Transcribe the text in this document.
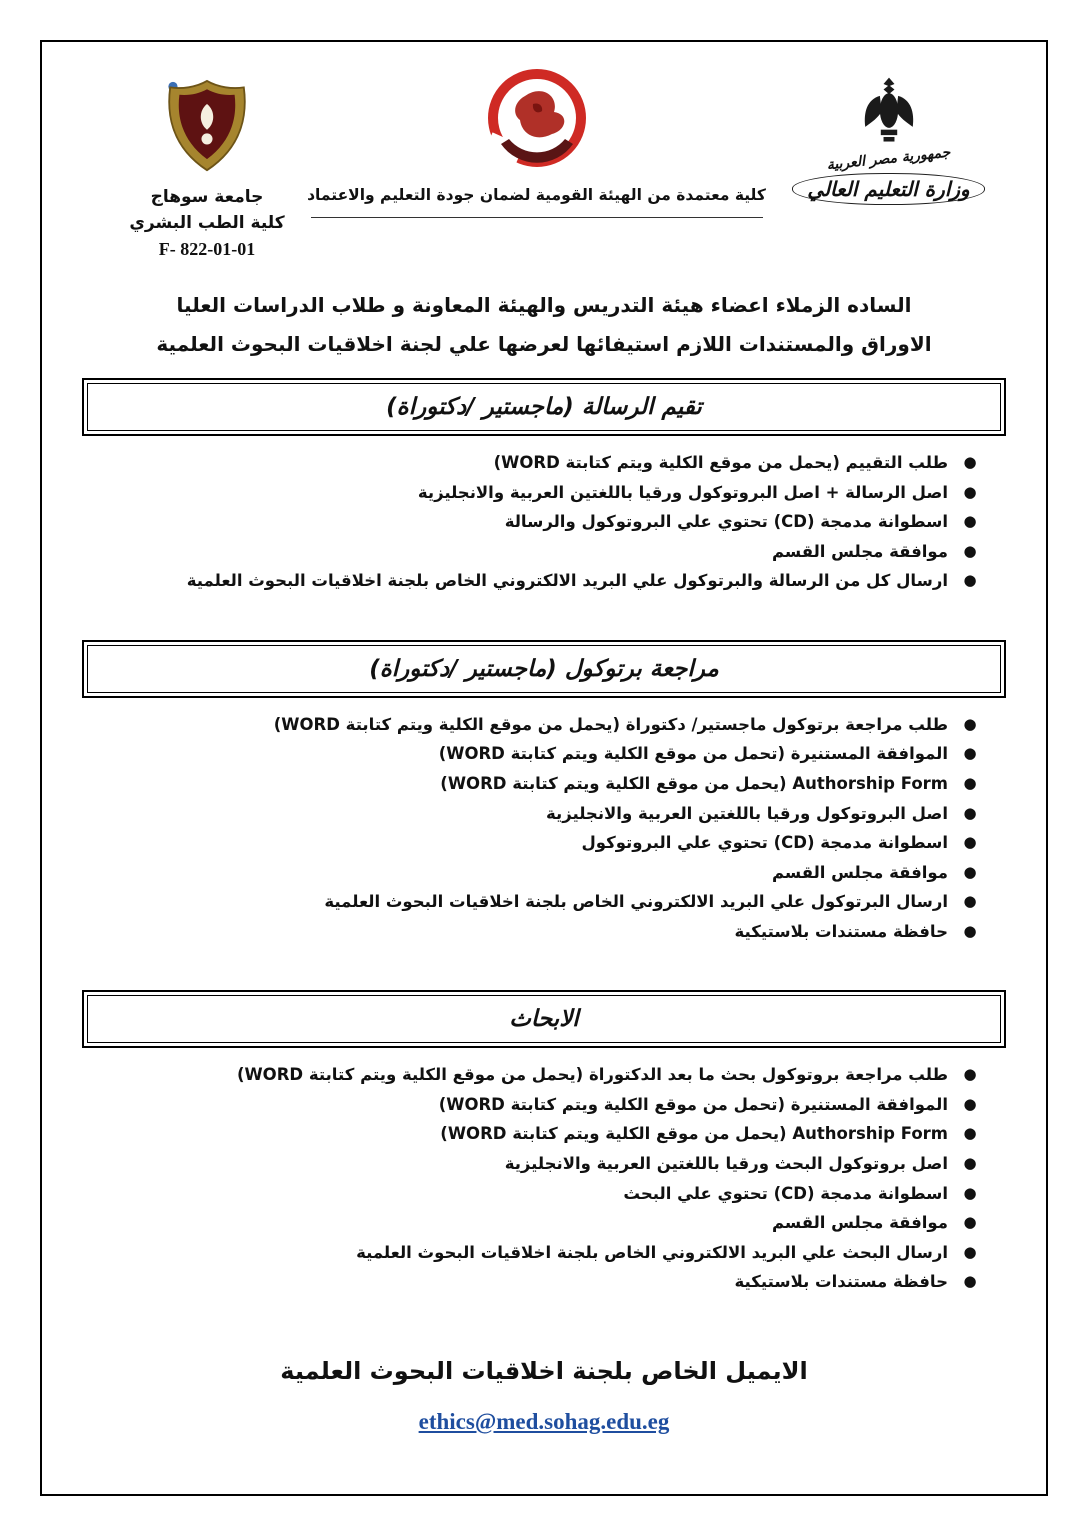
جامعة سوهاج
كلية الطب البشري
F- 822-01-01
كلية معتمدة من الهيئة القومية لضمان جودة التعليم والاعتماد
جمهورية مصر العربية
وزارة التعليم العالي

الساده الزملاء اعضاء هيئة التدريس والهيئة المعاونة و طلاب الدراسات العليا

الاوراق والمستندات اللازم استيفائها لعرضها علي لجنة اخلاقيات البحوث العلمية

تقيم الرسالة (ماجستير /دكتوراة)
●
طلب التقييم (يحمل من موقع الكلية ويتم كتابتة WORD)
●
اصل الرسالة + اصل البروتوكول ورقيا باللغتين العربية والانجليزية
●
اسطوانة مدمجة (CD) تحتوي علي البروتوكول والرسالة
●
موافقة مجلس القسم
●
ارسال كل من الرسالة والبرتوكول علي البريد الالكتروني الخاص بلجنة اخلاقيات البحوث العلمية
مراجعة برتوكول (ماجستير /دكتوراة)
●
طلب مراجعة برتوكول ماجستير/ دكتوراة (يحمل من موقع الكلية ويتم كتابتة WORD)
●
الموافقة المستنيرة (تحمل من موقع الكلية ويتم كتابتة WORD)
●
Authorship Form (يحمل من موقع الكلية ويتم كتابتة WORD)
●
اصل البروتوكول ورقيا باللغتين العربية والانجليزية
●
اسطوانة مدمجة (CD) تحتوي علي البروتوكول
●
موافقة مجلس القسم
●
ارسال البرتوكول علي البريد الالكتروني الخاص بلجنة اخلاقيات البحوث العلمية
●
حافظة مستندات بلاستيكية
الابحاث
●
طلب مراجعة بروتوكول بحث ما بعد الدكتوراة (يحمل من موقع الكلية ويتم كتابتة WORD)
●
الموافقة المستنيرة (تحمل من موقع الكلية ويتم كتابتة WORD)
●
Authorship Form (يحمل من موقع الكلية ويتم كتابتة WORD)
●
اصل بروتوكول البحث ورقيا باللغتين العربية والانجليزية
●
اسطوانة مدمجة (CD) تحتوي علي البحث
●
موافقة مجلس القسم
●
ارسال البحث علي البريد الالكتروني الخاص بلجنة اخلاقيات البحوث العلمية
●
حافظة مستندات بلاستيكية
الايميل الخاص بلجنة اخلاقيات البحوث العلمية
ethics@med.sohag.edu.eg
